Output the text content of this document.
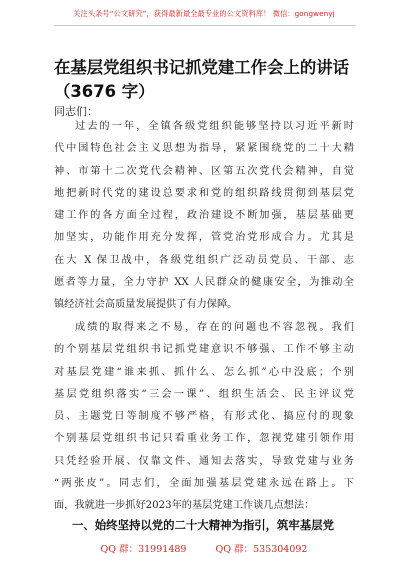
关注头条号“公文研究”，获得最新最全最专业的公文资料库！ 微信：gongwenyj
在基层党组织书记抓党建工作会上的讲话
（3676 字）
同志们：
过去的一年，全镇各级党组织能够坚持以习近平新时
代中国特色社会主义思想为指导，紧紧围绕党的二十大精
神、市第十二次党代会精神、区第五次党代会精神，自觉
地把新时代党的建设总要求和党的组织路线贯彻到基层党
建工作的各方面全过程，政治建设不断加强，基层基础更
加坚实，功能作用充分发挥，管党治党形成合力。尤其是
在大 X 保卫战中，各级党组织广泛动员党员、干部、志
愿者等力量，全力守护 XX 人民群众的健康安全，为推动全
镇经济社会高质量发展提供了有力保障。
成绩的取得来之不易，存在的问题也不容忽视。我们
的个别基层党组织书记抓党建意识不够强、工作不够主动
对基层党建“谁来抓、抓什么、怎么抓”心中没底；个别
基层党组织落实“三会一课”、组织生活会、民主评议党
员、主题党日等制度不够严格，有形式化、搞应付的现象
个别基层党组织书记只看重业务工作，忽视党建引领作用
只凭经验开展、仅靠文件、通知去落实，导致党建与业务
“两张皮”。同志们，全面加强基层党建永远在路上。下
面，我就进一步抓好2023年的基层党建工作谈几点想法：
一、始终坚持以党的二十大精神为指引，筑牢基层党
QQ 群：31991489	QQ 群：535304092
